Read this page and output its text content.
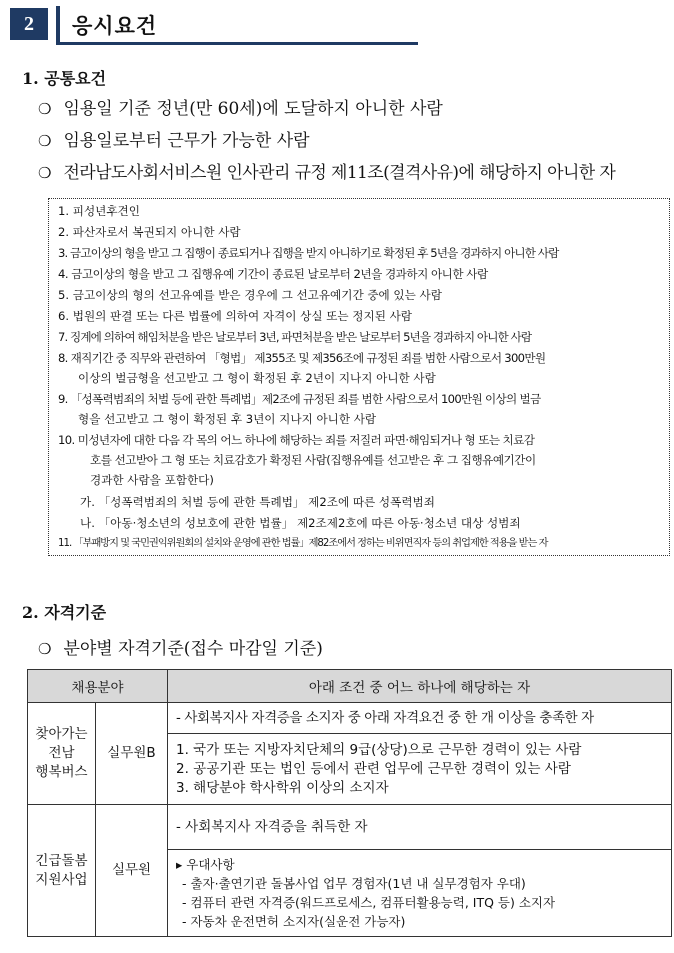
2	응시요건
1. 공통요건
❍ 임용일 기준 정년(만 60세)에 도달하지 아니한 사람
❍ 임용일로부터 근무가 가능한 사람
❍ 전라남도사회서비스원 인사관리 규정 제11조(결격사유)에 해당하지 아니한 자
1. 피성년후견인
2. 파산자로서 복권되지 아니한 사람
3. 금고이상의 형을 받고 그 집행이 종료되거나 집행을 받지 아니하기로 확정된 후 5년을 경과하지 아니한 사람
4. 금고이상의 형을 받고 그 집행유예 기간이 종료된 날로부터 2년을 경과하지 아니한 사람
5. 금고이상의 형의 선고유예를 받은 경우에 그 선고유예기간 중에 있는 사람
6. 법원의 판결 또는 다른 법률에 의하여 자격이 상실 또는 정지된 사람
7. 징계에 의하여 해임처분을 받은 날로부터 3년, 파면처분을 받은 날로부터 5년을 경과하지 아니한 사람
8. 재직기간 중 직무와 관련하여 「형법」 제355조 및 제356조에 규정된 죄를 범한 사람으로서 300만원
이상의 벌금형을 선고받고 그 형이 확정된 후 2년이 지나지 아니한 사람
9. 「성폭력범죄의 처벌 등에 관한 특례법」제2조에 규정된 죄를 범한 사람으로서 100만원 이상의 벌금
형을 선고받고 그 형이 확정된 후 3년이 지나지 아니한 사람
10. 미성년자에 대한 다음 각 목의 어느 하나에 해당하는 죄를 저질러 파면·해임되거나 형 또는 치료감
호를 선고받아 그 형 또는 치료감호가 확정된 사람(집행유예를 선고받은 후 그 집행유예기간이
경과한 사람을 포함한다)
가. 「성폭력범죄의 처벌 등에 관한 특례법」 제2조에 따른 성폭력범죄
나. 「아동·청소년의 성보호에 관한 법률」 제2조제2호에 따른 아동·청소년 대상 성범죄
11. 「부패방지 및 국민권익위원회의 설치와 운영에 관한 법률」제82조에서 정하는 비위면직자 등의 취업제한 적용을 받는 자
2. 자격기준
❍ 분야별 자격기준(접수 마감일 기준)
채용분야		아래 조건 중 어느 하나에 해당하는 자

찾아가는
전남
행복버스	실무원B	- 사회복지사 자격증을 소지자 중 아래 자격요건 중 한 개 이상을 충족한 자

		1. 국가 또는 지방자치단체의 9급(상당)으로 근무한 경력이 있는 사람
2. 공공기관 또는 법인 등에서 관련 업무에 근무한 경력이 있는 사람
3. 해당분야 학사학위 이상의 소지자

긴급돌봄
지원사업	실무원	- 사회복지사 자격증을 취득한 자

		▸ 우대사항
- 출자·출연기관 돌봄사업 업무 경험자(1년 내 실무경험자 우대)
- 컴퓨터 관련 자격증(워드프로세스, 컴퓨터활용능력, ITQ 등) 소지자
- 자동차 운전면허 소지자(실운전 가능자)
